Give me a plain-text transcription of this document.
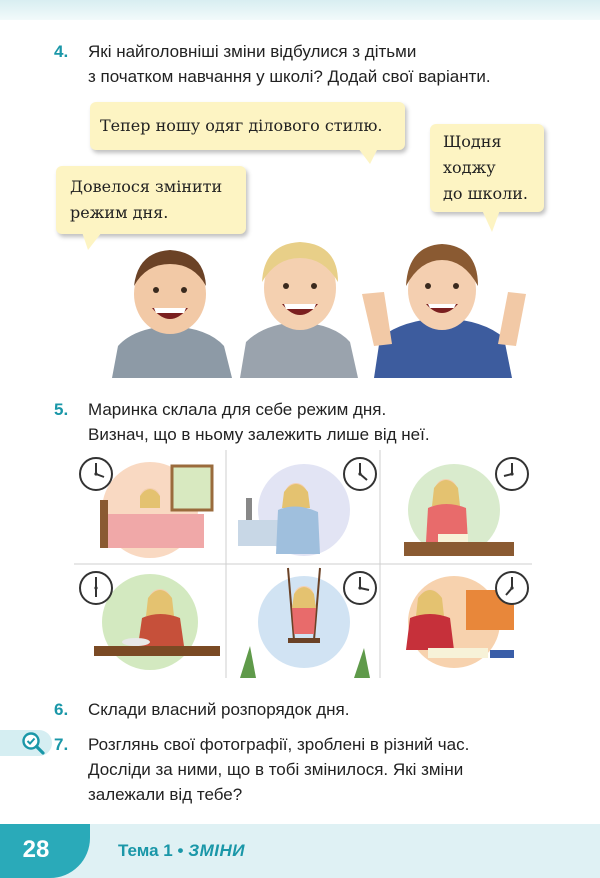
4.	Які найголовніші зміни відбулися з дітьми
з початком навчання у школі? Додай свої варіанти.
Тепер ношу одяг ділового стилю.
Довелося змінити
режим дня.
Щодня
ходжу
до школи.
5.	Маринка склала для себе режим дня.
Визнач, що в ньому залежить лише від неї.
6.	Склади власний розпорядок дня.
7.	Розглянь свої фотографії, зроблені в різний час.
Досліди за ними, що в тобі змінилося. Які зміни
залежали від тебе?
28	Тема 1 • ЗМІНИ
